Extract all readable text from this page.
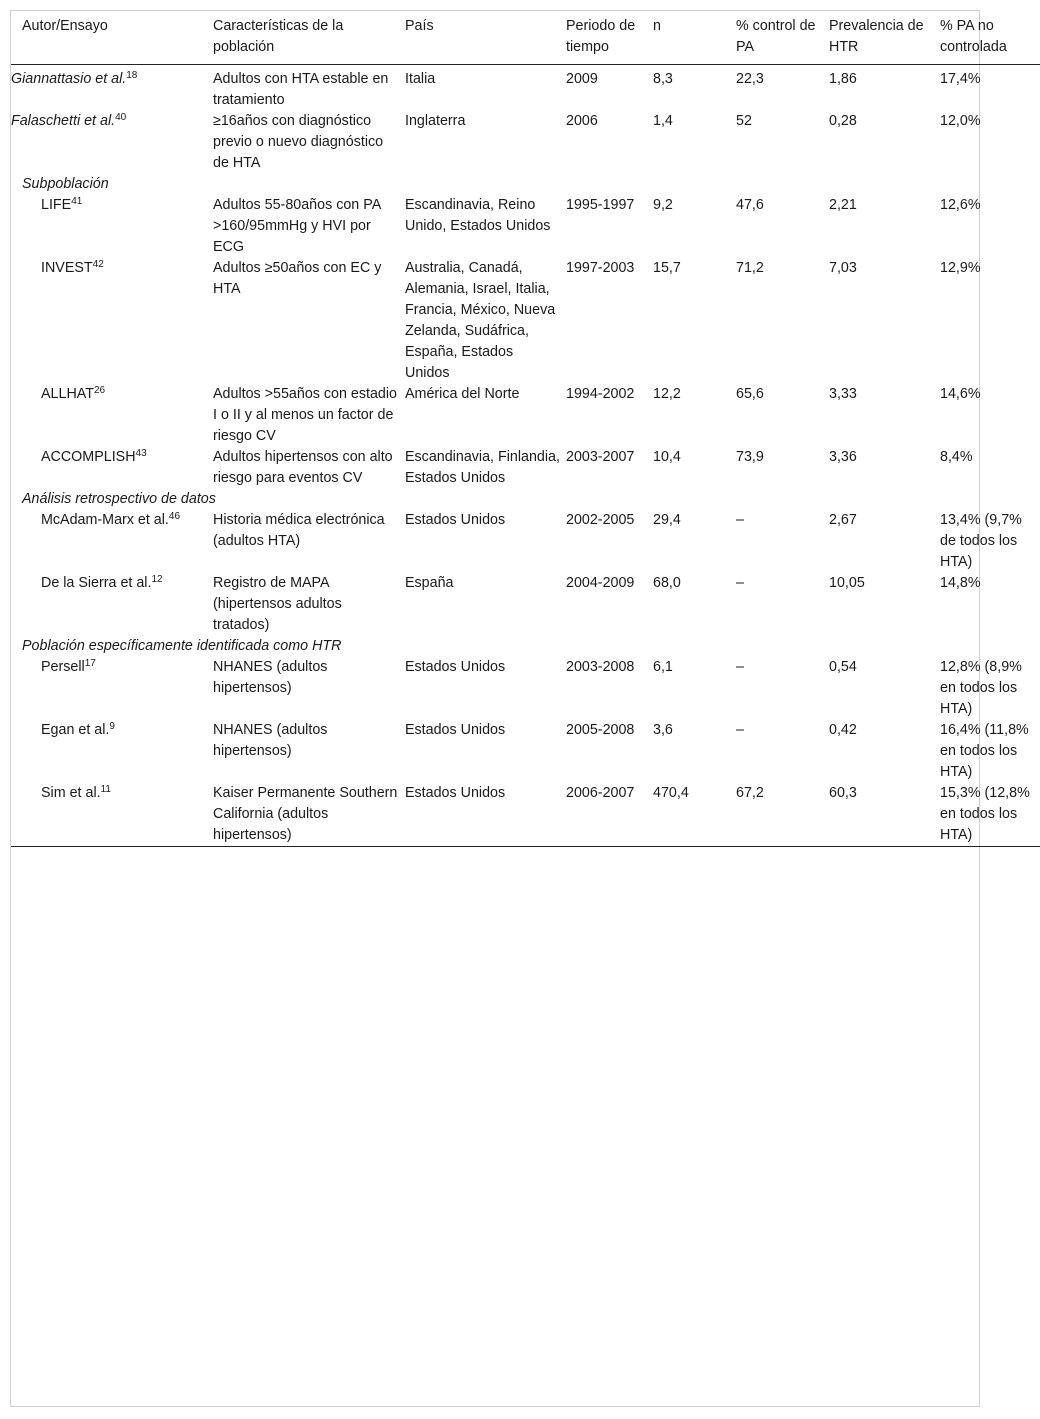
Autor/Ensayo	Características de la población	País	Periodo de tiempo	n	% control de PA	Prevalencia de HTR	% PA no controlada
Giannattasio et al.$^{18}$	Adultos con HTA estable en tratamiento	Italia	2009	8,3	22,3	1,86	17,4%
Falaschetti et al.$^{40}$	≥16años con diagnóstico previo o nuevo diagnóstico de HTA	Inglaterra	2006	1,4	52	0,28	12,0%
Subpoblación							
LIFE$^{41}$	Adultos 55-80años con PA >160/95mmHg y HVI por ECG	Escandinavia, Reino Unido, Estados Unidos	1995-1997	9,2	47,6	2,21	12,6%
INVEST$^{42}$	Adultos ≥50años con EC y HTA	Australia, Canadá, Alemania, Israel, Italia, Francia, México, Nueva Zelanda, Sudáfrica, España, Estados Unidos	1997-2003	15,7	71,2	7,03	12,9%
ALLHAT$^{26}$	Adultos >55años con estadio I o II y al menos un factor de riesgo CV	América del Norte	1994-2002	12,2	65,6	3,33	14,6%
ACCOMPLISH$^{43}$	Adultos hipertensos con alto riesgo para eventos CV	Escandinavia, Finlandia, Estados Unidos	2003-2007	10,4	73,9	3,36	8,4%
Análisis retrospectivo de datos							
McAdam-Marx et al.$^{46}$	Historia médica electrónica (adultos HTA)	Estados Unidos	2002-2005	29,4	–	2,67	13,4% (9,7% de todos los HTA)
De la Sierra et al.$^{12}$	Registro de MAPA (hipertensos adultos tratados)	España	2004-2009	68,0	–	10,05	14,8%
Población específicamente identificada como HTR							
Persell$^{17}$	NHANES (adultos hipertensos)	Estados Unidos	2003-2008	6,1	–	0,54	12,8% (8,9% en todos los HTA)
Egan et al.$^9$	NHANES (adultos hipertensos)	Estados Unidos	2005-2008	3,6	–	0,42	16,4% (11,8% en todos los HTA)
Sim et al.$^{11}$	Kaiser Permanente Southern California (adultos hipertensos)	Estados Unidos	2006-2007	470,4	67,2	60,3	15,3% (12,8% en todos los HTA)
